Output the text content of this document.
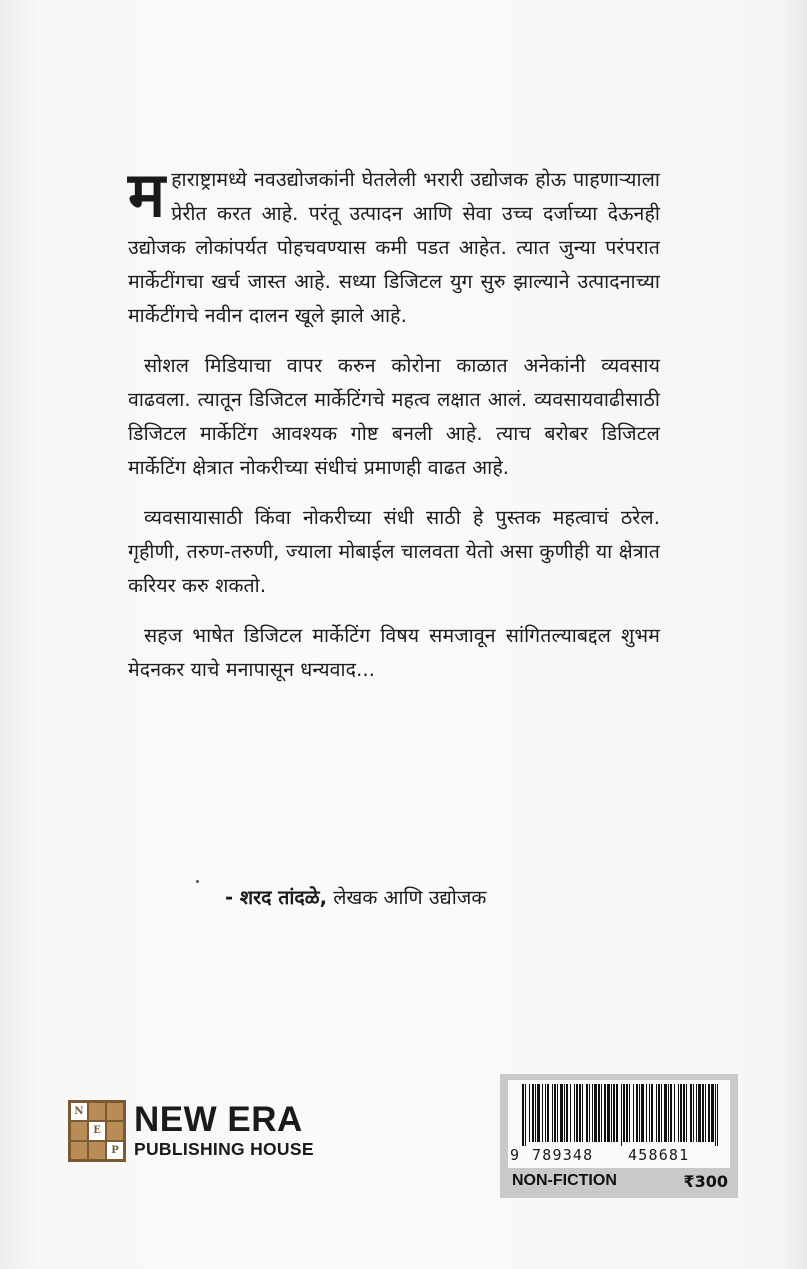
महाराष्ट्रामध्ये नवउद्योजकांनी घेतलेली भरारी उद्योजक होऊ पाहणाऱ्याला प्रेरीत करत आहे. परंतू उत्पादन आणि सेवा उच्च दर्जाच्या देऊनही उद्योजक लोकांपर्यत पोहचवण्यास कमी पडत आहेत. त्यात जुन्या परंपरात मार्केटींगचा खर्च जास्त आहे. सध्या डिजिटल युग सुरु झाल्याने उत्पादनाच्या मार्केटींगचे नवीन दालन खूले झाले आहे.

सोशल मिडियाचा वापर करुन कोरोना काळात अनेकांनी व्यवसाय वाढवला. त्यातून डिजिटल मार्केटिंगचे महत्व लक्षात आलं. व्यवसायवाढीसाठी डिजिटल मार्केटिंग आवश्यक गोष्ट बनली आहे. त्याच बरोबर डिजिटल मार्केटिंग क्षेत्रात नोकरीच्या संधीचं प्रमाणही वाढत आहे.

व्यवसायासाठी किंवा नोकरीच्या संधी साठी हे पुस्तक महत्वाचं ठरेल. गृहीणी, तरुण-तरुणी, ज्याला मोबाईल चालवता येतो असा कुणीही या क्षेत्रात करियर करु शकतो.

सहज भाषेत डिजिटल मार्केटिंग विषय समजावून सांगितल्याबद्दल शुभम मेदनकर याचे मनापासून धन्यवाद...

- शरद तांदळे, लेखक आणि उद्योजक
N
E
P
NEW ERA
PUBLISHING HOUSE	9 789348 458681
NON-FICTION	₹300
